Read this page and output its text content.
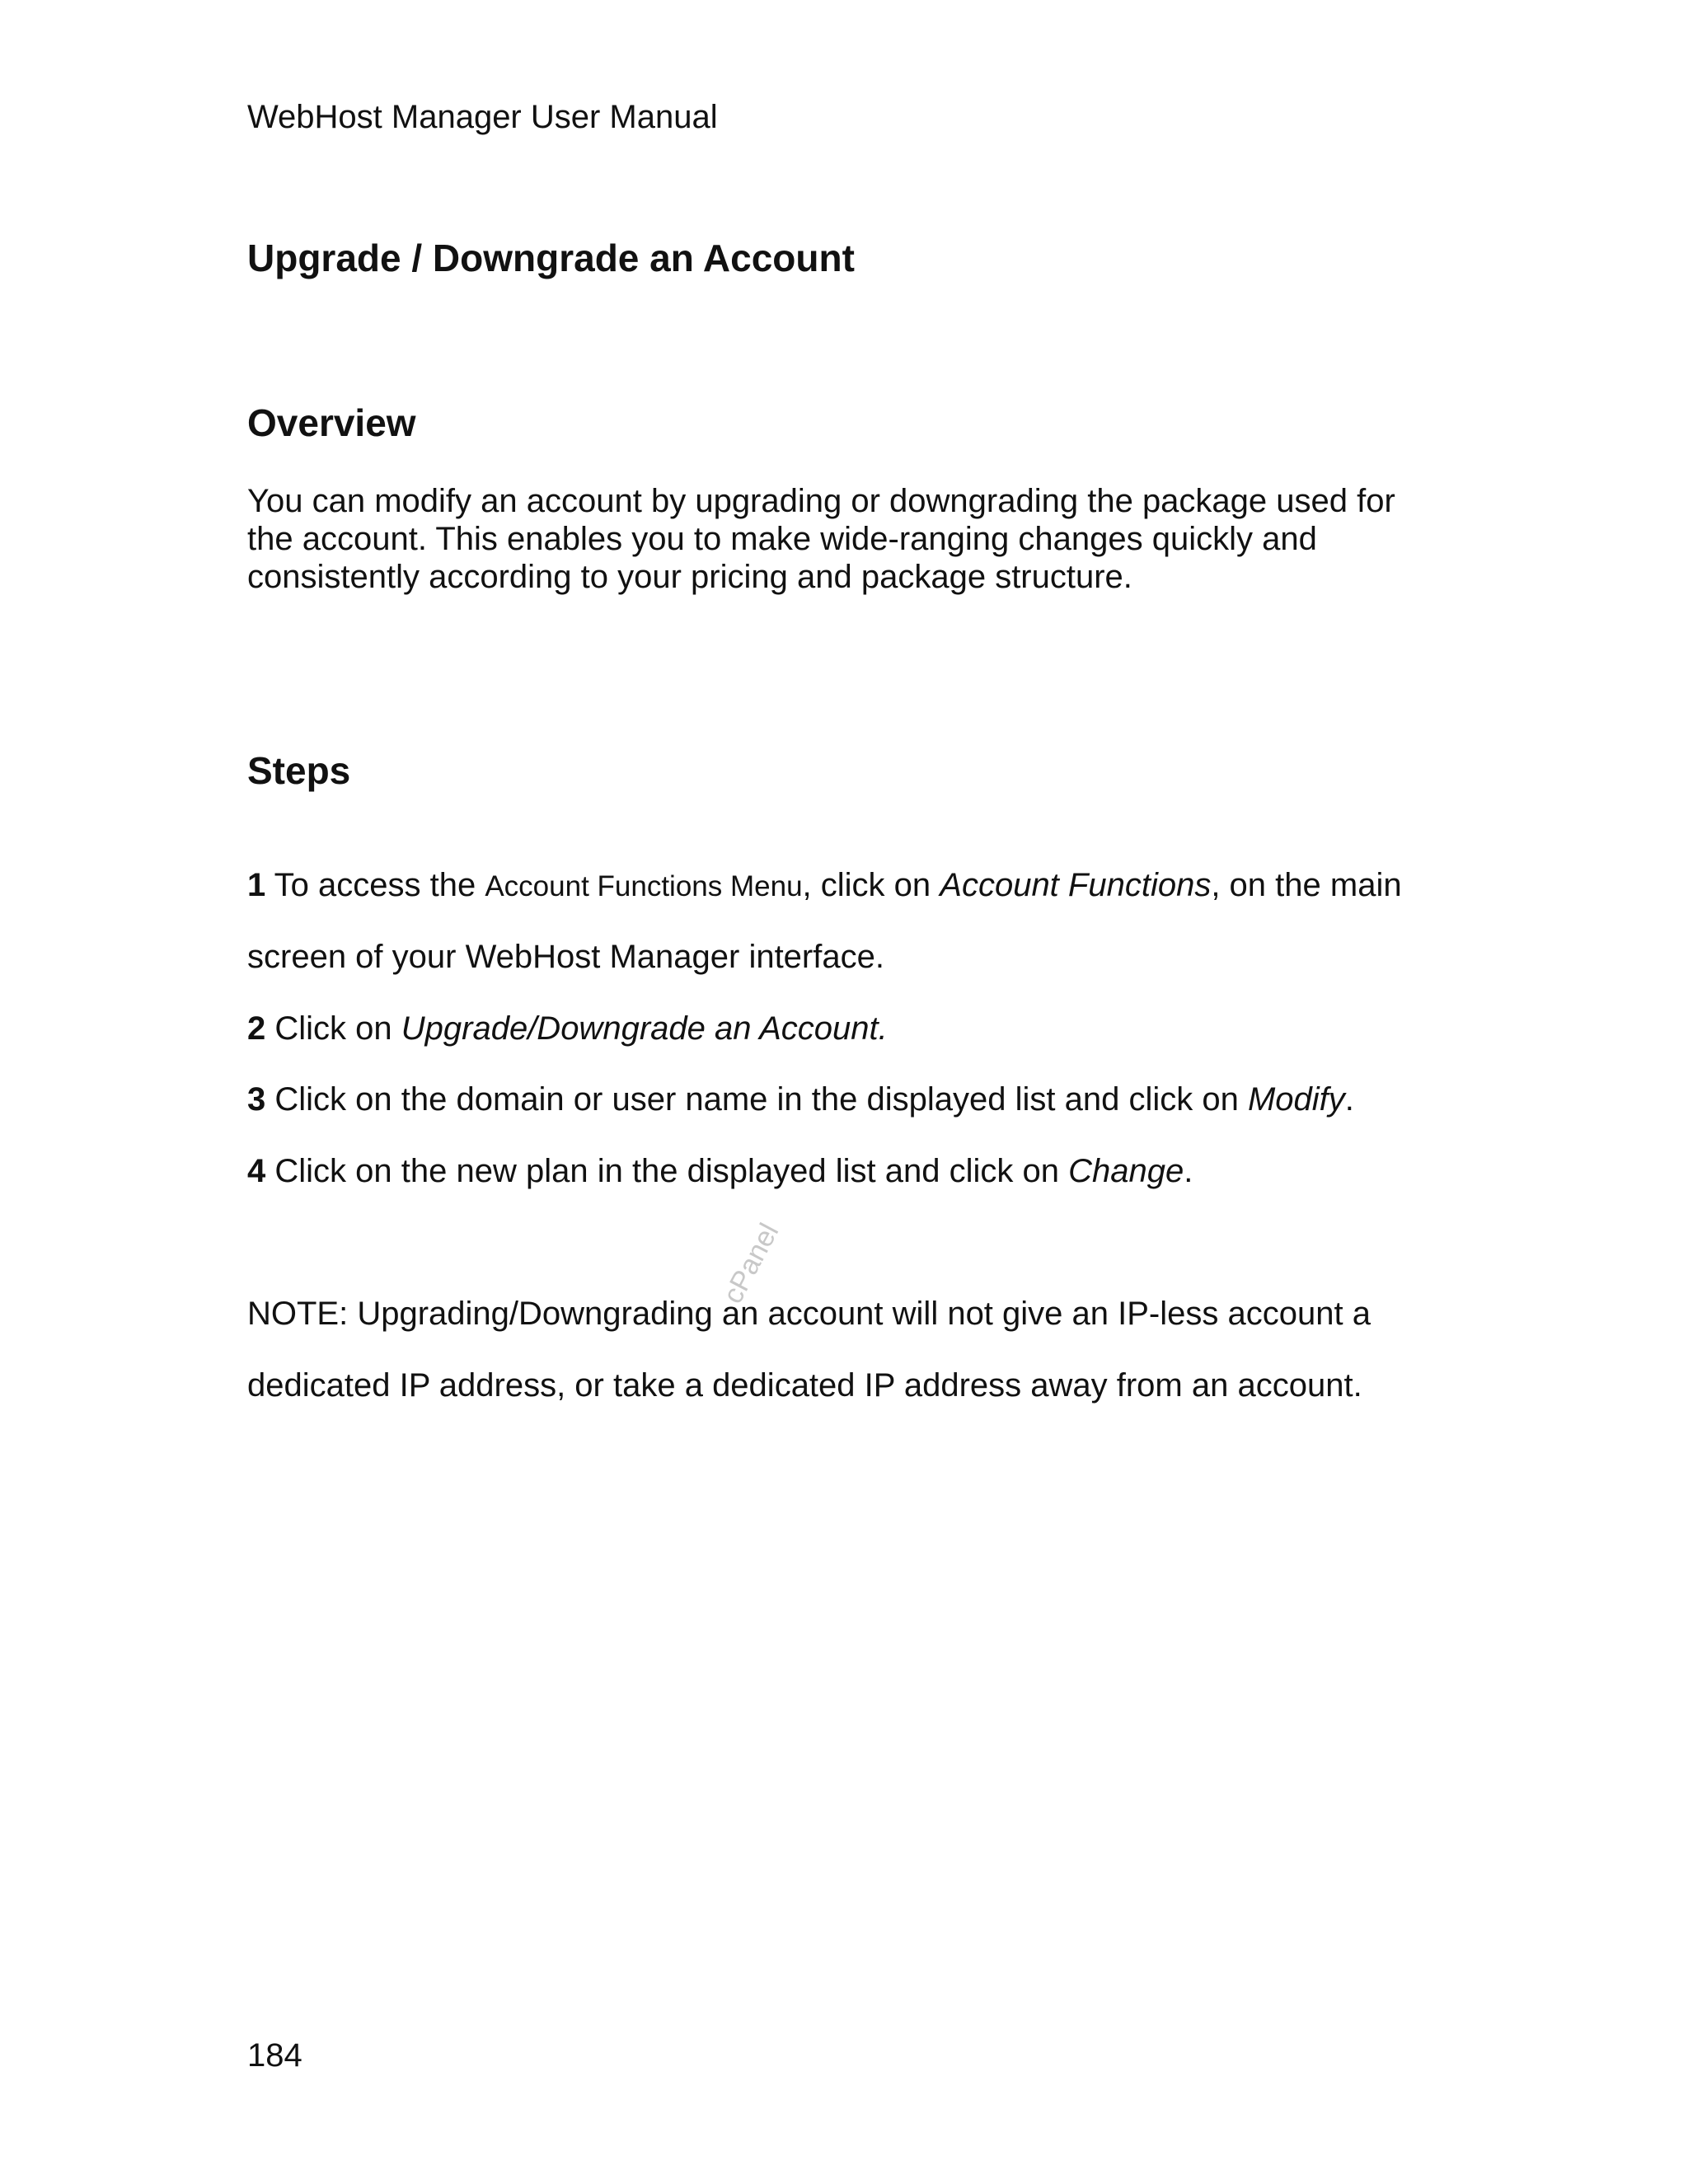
WebHost Manager User Manual
Upgrade / Downgrade an Account
Overview

You can modify an account by upgrading or downgrading the package used for
the account. This enables you to make wide-ranging changes quickly and
consistently according to your pricing and package structure.

Steps
1 To access the Account Functions Menu, click on Account Functions, on the main
screen of your WebHost Manager interface.
2 Click on Upgrade/Downgrade an Account.
3 Click on the domain or user name in the displayed list and click on Modify.
4 Click on the new plan in the displayed list and click on Change.
NOTE: Upgrading/Downgrading an account will not give an IP-less account a
dedicated IP address, or take a dedicated IP address away from an account.
cPanel
184
